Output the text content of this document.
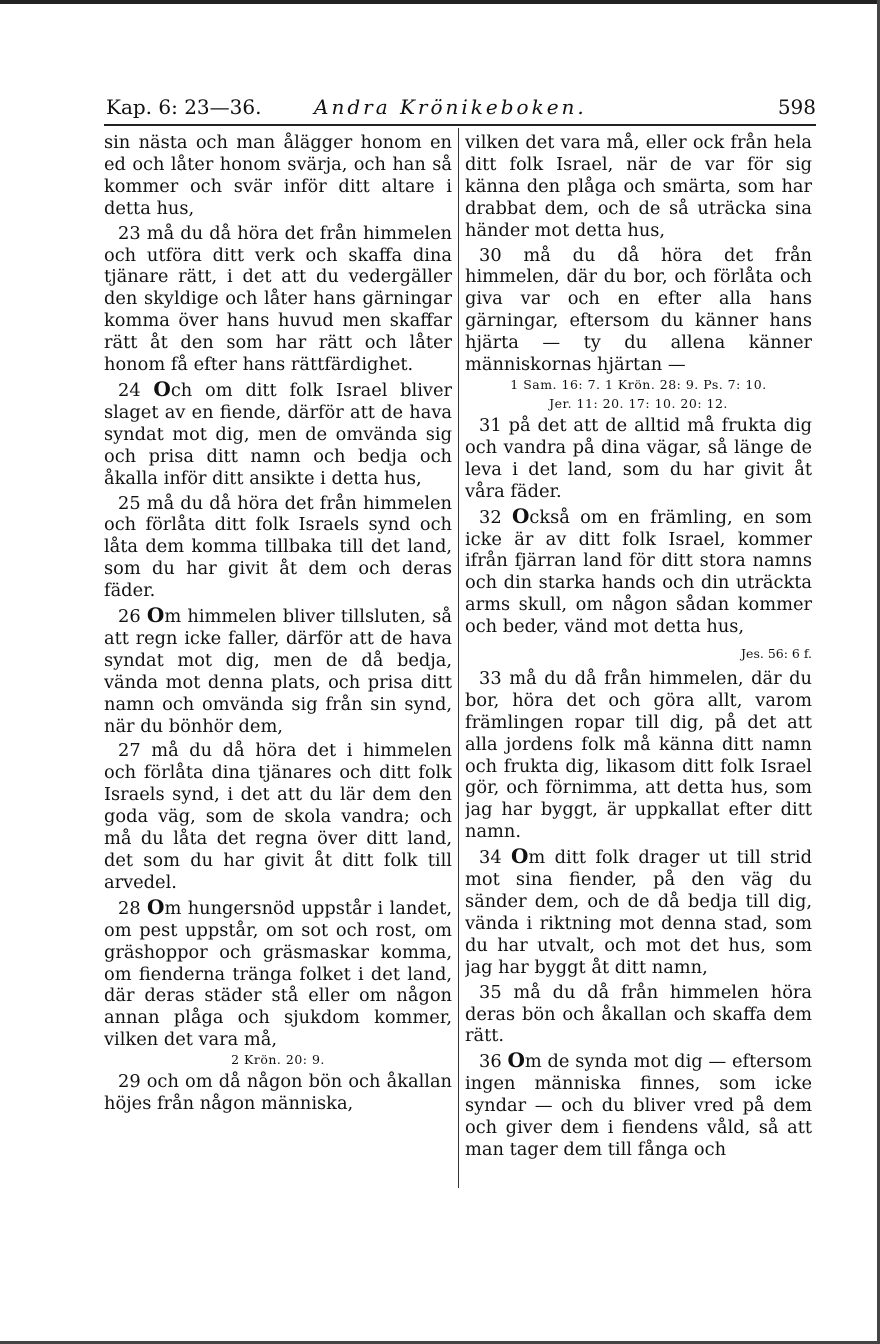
Kap. 6: 23—36.	Andra Krönikeboken.	598

sin nästa och man ålägger honom en ed och låter honom svärja, och han så kommer och svär inför ditt altare i detta hus,

23 må du då höra det från himmelen och utföra ditt verk och skaffa dina tjänare rätt, i det att du vedergäller den skyldige och låter hans gärningar komma över hans huvud men skaffar rätt åt den som har rätt och låter honom få efter hans rättfärdighet.

24 Och om ditt folk Israel bliver slaget av en fiende, därför att de hava syndat mot dig, men de omvända sig och prisa ditt namn och bedja och åkalla inför ditt ansikte i detta hus,

25 må du då höra det från himmelen och förlåta ditt folk Israels synd och låta dem komma tillbaka till det land, som du har givit åt dem och deras fäder.

26 Om himmelen bliver tillsluten, så att regn icke faller, därför att de hava syndat mot dig, men de då bedja, vända mot denna plats, och prisa ditt namn och omvända sig från sin synd, när du bönhör dem,

27 må du då höra det i himmelen och förlåta dina tjänares och ditt folk Israels synd, i det att du lär dem den goda väg, som de skola vandra; och må du låta det regna över ditt land, det som du har givit åt ditt folk till arvedel.

28 Om hungersnöd uppstår i landet, om pest uppstår, om sot och rost, om gräshoppor och gräsmaskar komma, om fienderna tränga folket i det land, där deras städer stå eller om någon annan plåga och sjukdom kommer, vilken det vara må,

2 Krön. 20: 9.

29 och om då någon bön och åkallan höjes från någon människa,

vilken det vara må, eller ock från hela ditt folk Israel, när de var för sig känna den plåga och smärta, som har drabbat dem, och de så uträcka sina händer mot detta hus,

30 må du då höra det från himmelen, där du bor, och förlåta och giva var och en efter alla hans gärningar, eftersom du känner hans hjärta — ty du allena känner människornas hjärtan —

1 Sam. 16: 7. 1 Krön. 28: 9. Ps. 7: 10.
Jer. 11: 20. 17: 10. 20: 12.

31 på det att de alltid må frukta dig och vandra på dina vägar, så länge de leva i det land, som du har givit åt våra fäder.

32 Också om en främling, en som icke är av ditt folk Israel, kommer ifrån fjärran land för ditt stora namns och din starka hands och din uträckta arms skull, om någon sådan kommer och beder, vänd mot detta hus,
Jes. 56: 6 f.

33 må du då från himmelen, där du bor, höra det och göra allt, varom främlingen ropar till dig, på det att alla jordens folk må känna ditt namn och frukta dig, likasom ditt folk Israel gör, och förnimma, att detta hus, som jag har byggt, är uppkallat efter ditt namn.

34 Om ditt folk drager ut till strid mot sina fiender, på den väg du sänder dem, och de då bedja till dig, vända i riktning mot denna stad, som du har utvalt, och mot det hus, som jag har byggt åt ditt namn,

35 må du då från himmelen höra deras bön och åkallan och skaffa dem rätt.

36 Om de synda mot dig — eftersom ingen människa finnes, som icke syndar — och du bliver vred på dem och giver dem i fiendens våld, så att man tager dem till fånga och
